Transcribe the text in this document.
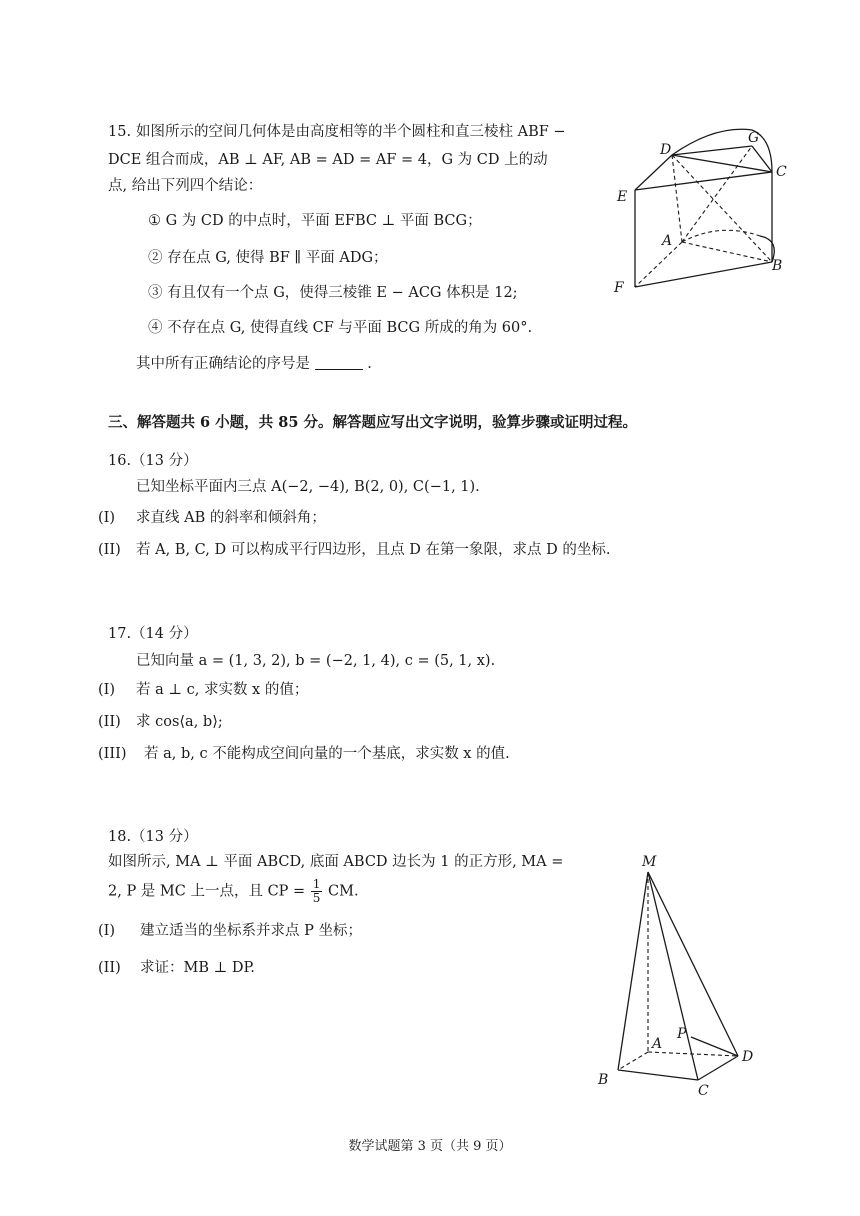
15. 如图所示的空间几何体是由高度相等的半个圆柱和直三棱柱 ABF −
DCE 组合而成，AB ⊥ AF, AB = AD = AF = 4，G 为 CD 上的动
点, 给出下列四个结论：
① G 为 CD 的中点时，平面 EFBC ⊥ 平面 BCG；
② 存在点 G, 使得 BF ∥ 平面 ADG；
③ 有且仅有一个点 G，使得三棱锥 E − ACG 体积是 12;
④ 不存在点 G, 使得直线 CF 与平面 BCG 所成的角为 60°.
其中所有正确结论的序号是	.
D
G
C
E
A
B
F
三、解答题共 6 小题，共 85 分。解答题应写出文字说明，验算步骤或证明过程。
16.（13 分）
已知坐标平面内三点 A(−2, −4), B(2, 0), C(−1, 1).
(I) 求直线 AB 的斜率和倾斜角；
(II) 若 A, B, C, D 可以构成平行四边形，且点 D 在第一象限，求点 D 的坐标.
17.（14 分）
已知向量 a = (1, 3, 2), b = (−2, 1, 4), c = (5, 1, x).
(I) 若 a ⊥ c, 求实数 x 的值；
(II) 求 cos⟨a, b⟩;
(III) 若 a, b, c 不能构成空间向量的一个基底，求实数 x 的值.
18.（13 分）
如图所示, MA ⊥ 平面 ABCD, 底面 ABCD 边长为 1 的正方形, MA =
2, P 是 MC 上一点，且 CP = $\frac{1}{5}$ CM.
(I) 建立适当的坐标系并求点 P 坐标；
(II) 求证：MB ⊥ DP.
M
P
A
D
B
C
数学试题第 3 页（共 9 页）
